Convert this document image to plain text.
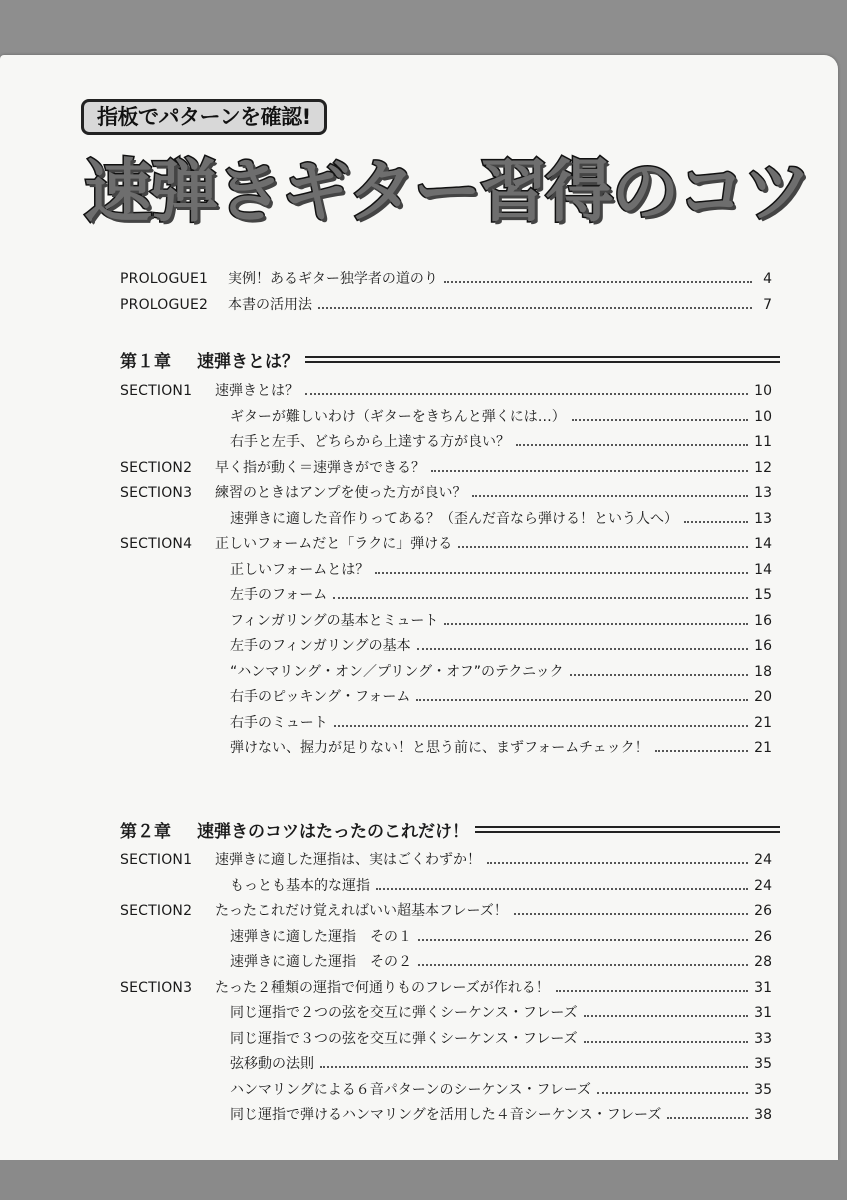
指板でパターンを確認!
速弾きギター習得のコツ
PROLOGUE1	実例！あるギター独学者の道のり	4
PROLOGUE2	本書の活用法	7
第１章 速弾きとは？
SECTION1	速弾きとは？	10
ギターが難しいわけ（ギターをきちんと弾くには…）	10
右手と左手、どちらから上達する方が良い？	11
SECTION2	早く指が動く＝速弾きができる？	12
SECTION3	練習のときはアンプを使った方が良い？	13
速弾きに適した音作りってある？（歪んだ音なら弾ける！という人へ）	13
SECTION4	正しいフォームだと「ラクに」弾ける	14
正しいフォームとは？	14
左手のフォーム	15
フィンガリングの基本とミュート	16
左手のフィンガリングの基本	16
“ハンマリング・オン／プリング・オフ”のテクニック	18
右手のピッキング・フォーム	20
右手のミュート	21
弾けない、握力が足りない！と思う前に、まずフォームチェック！	21
第２章 速弾きのコツはたったのこれだけ！
SECTION1	速弾きに適した運指は、実はごくわずか！	24
もっとも基本的な運指	24
SECTION2	たったこれだけ覚えればいい超基本フレーズ！	26
速弾きに適した運指　その１	26
速弾きに適した運指　その２	28
SECTION3	たった２種類の運指で何通りものフレーズが作れる！	31
同じ運指で２つの弦を交互に弾くシーケンス・フレーズ	31
同じ運指で３つの弦を交互に弾くシーケンス・フレーズ	33
弦移動の法則	35
ハンマリングによる６音パターンのシーケンス・フレーズ	35
同じ運指で弾けるハンマリングを活用した４音シーケンス・フレーズ	38
